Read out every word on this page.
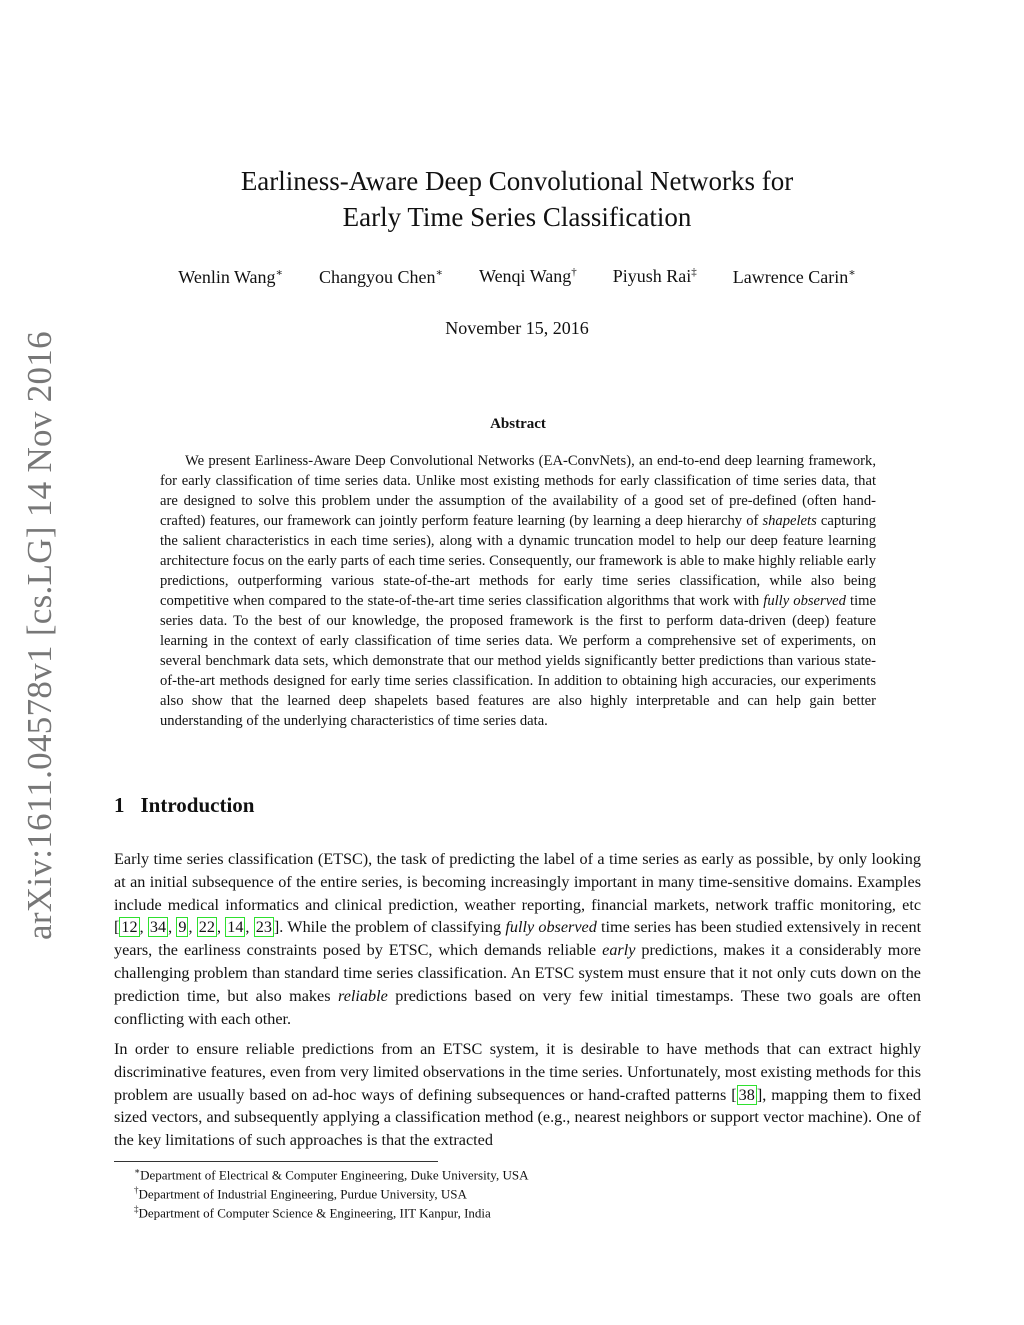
arXiv:1611.04578v1 [cs.LG] 14 Nov 2016
Earliness-Aware Deep Convolutional Networks for
Early Time Series Classification
Wenlin Wang∗ Changyou Chen∗ Wenqi Wang† Piyush Rai‡ Lawrence Carin∗
November 15, 2016
Abstract
We present Earliness-Aware Deep Convolutional Networks (EA-ConvNets), an end-to-end deep learning framework, for early classification of time series data. Unlike most existing methods for early classification of time series data, that are designed to solve this problem under the assumption of the availability of a good set of pre-defined (often hand-crafted) features, our framework can jointly perform feature learning (by learning a deep hierarchy of shapelets capturing the salient characteristics in each time series), along with a dynamic truncation model to help our deep feature learning architecture focus on the early parts of each time series. Consequently, our framework is able to make highly reliable early predictions, outperforming various state-of-the-art methods for early time series classification, while also being competitive when compared to the state-of-the-art time series classification algorithms that work with fully observed time series data. To the best of our knowledge, the proposed framework is the first to perform data-driven (deep) feature learning in the context of early classification of time series data. We perform a comprehensive set of experiments, on several benchmark data sets, which demonstrate that our method yields significantly better predictions than various state-of-the-art methods designed for early time series classification. In addition to obtaining high accuracies, our experiments also show that the learned deep shapelets based features are also highly interpretable and can help gain better understanding of the underlying characteristics of time series data.
1 Introduction
Early time series classification (ETSC), the task of predicting the label of a time series as early as possible, by only looking at an initial subsequence of the entire series, is becoming increasingly important in many time-sensitive domains. Examples include medical informatics and clinical prediction, weather reporting, financial markets, network traffic monitoring, etc [ 12 , 34 , 9 , 22 , 14 , 23 ]. While the problem of classifying fully observed time series has been studied extensively in recent years, the earliness constraints posed by ETSC, which demands reliable early predictions, makes it a considerably more challenging problem than standard time series classification. An ETSC system must ensure that it not only cuts down on the prediction time, but also makes reliable predictions based on very few initial timestamps. These two goals are often conflicting with each other.
In order to ensure reliable predictions from an ETSC system, it is desirable to have methods that can extract highly discriminative features, even from very limited observations in the time series. Unfortunately, most existing methods for this problem are usually based on ad-hoc ways of defining subsequences or hand-crafted patterns [ 38 ], mapping them to fixed sized vectors, and subsequently applying a classification method (e.g., nearest neighbors or support vector machine). One of the key limitations of such approaches is that the extracted
∗Department of Electrical & Computer Engineering, Duke University, USA
†Department of Industrial Engineering, Purdue University, USA
‡Department of Computer Science & Engineering, IIT Kanpur, India
